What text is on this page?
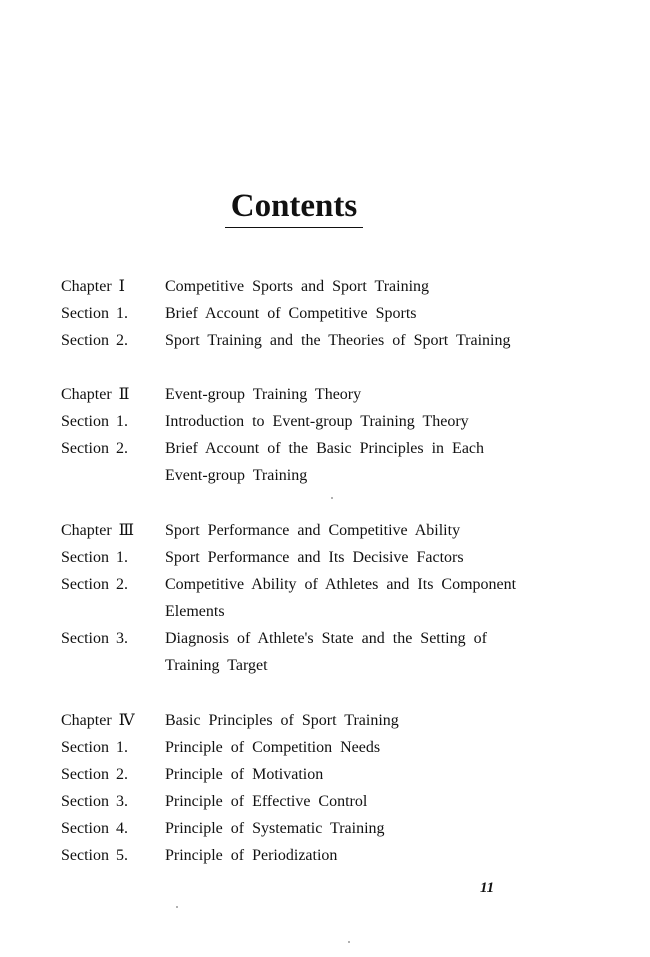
Contents
Chapter Ⅰ	Competitive Sports and Sport Training
Section 1. Brief Account of Competitive Sports
Section 2. Sport Training and the Theories of Sport Training
Chapter Ⅱ Event-group Training Theory
Section 1. Introduction to Event-group Training Theory
Section 2. Brief Account of the Basic Principles in Each
Event-group Training
Chapter Ⅲ Sport Performance and Competitive Ability
Section 1. Sport Performance and Its Decisive Factors
Section 2. Competitive Ability of Athletes and Its Component
Elements
Section 3. Diagnosis of Athlete's State and the Setting of
Training Target
Chapter Ⅳ Basic Principles of Sport Training
Section 1. Principle of Competition Needs
Section 2. Principle of Motivation
Section 3. Principle of Effective Control
Section 4. Principle of Systematic Training
Section 5. Principle of Periodization
11
